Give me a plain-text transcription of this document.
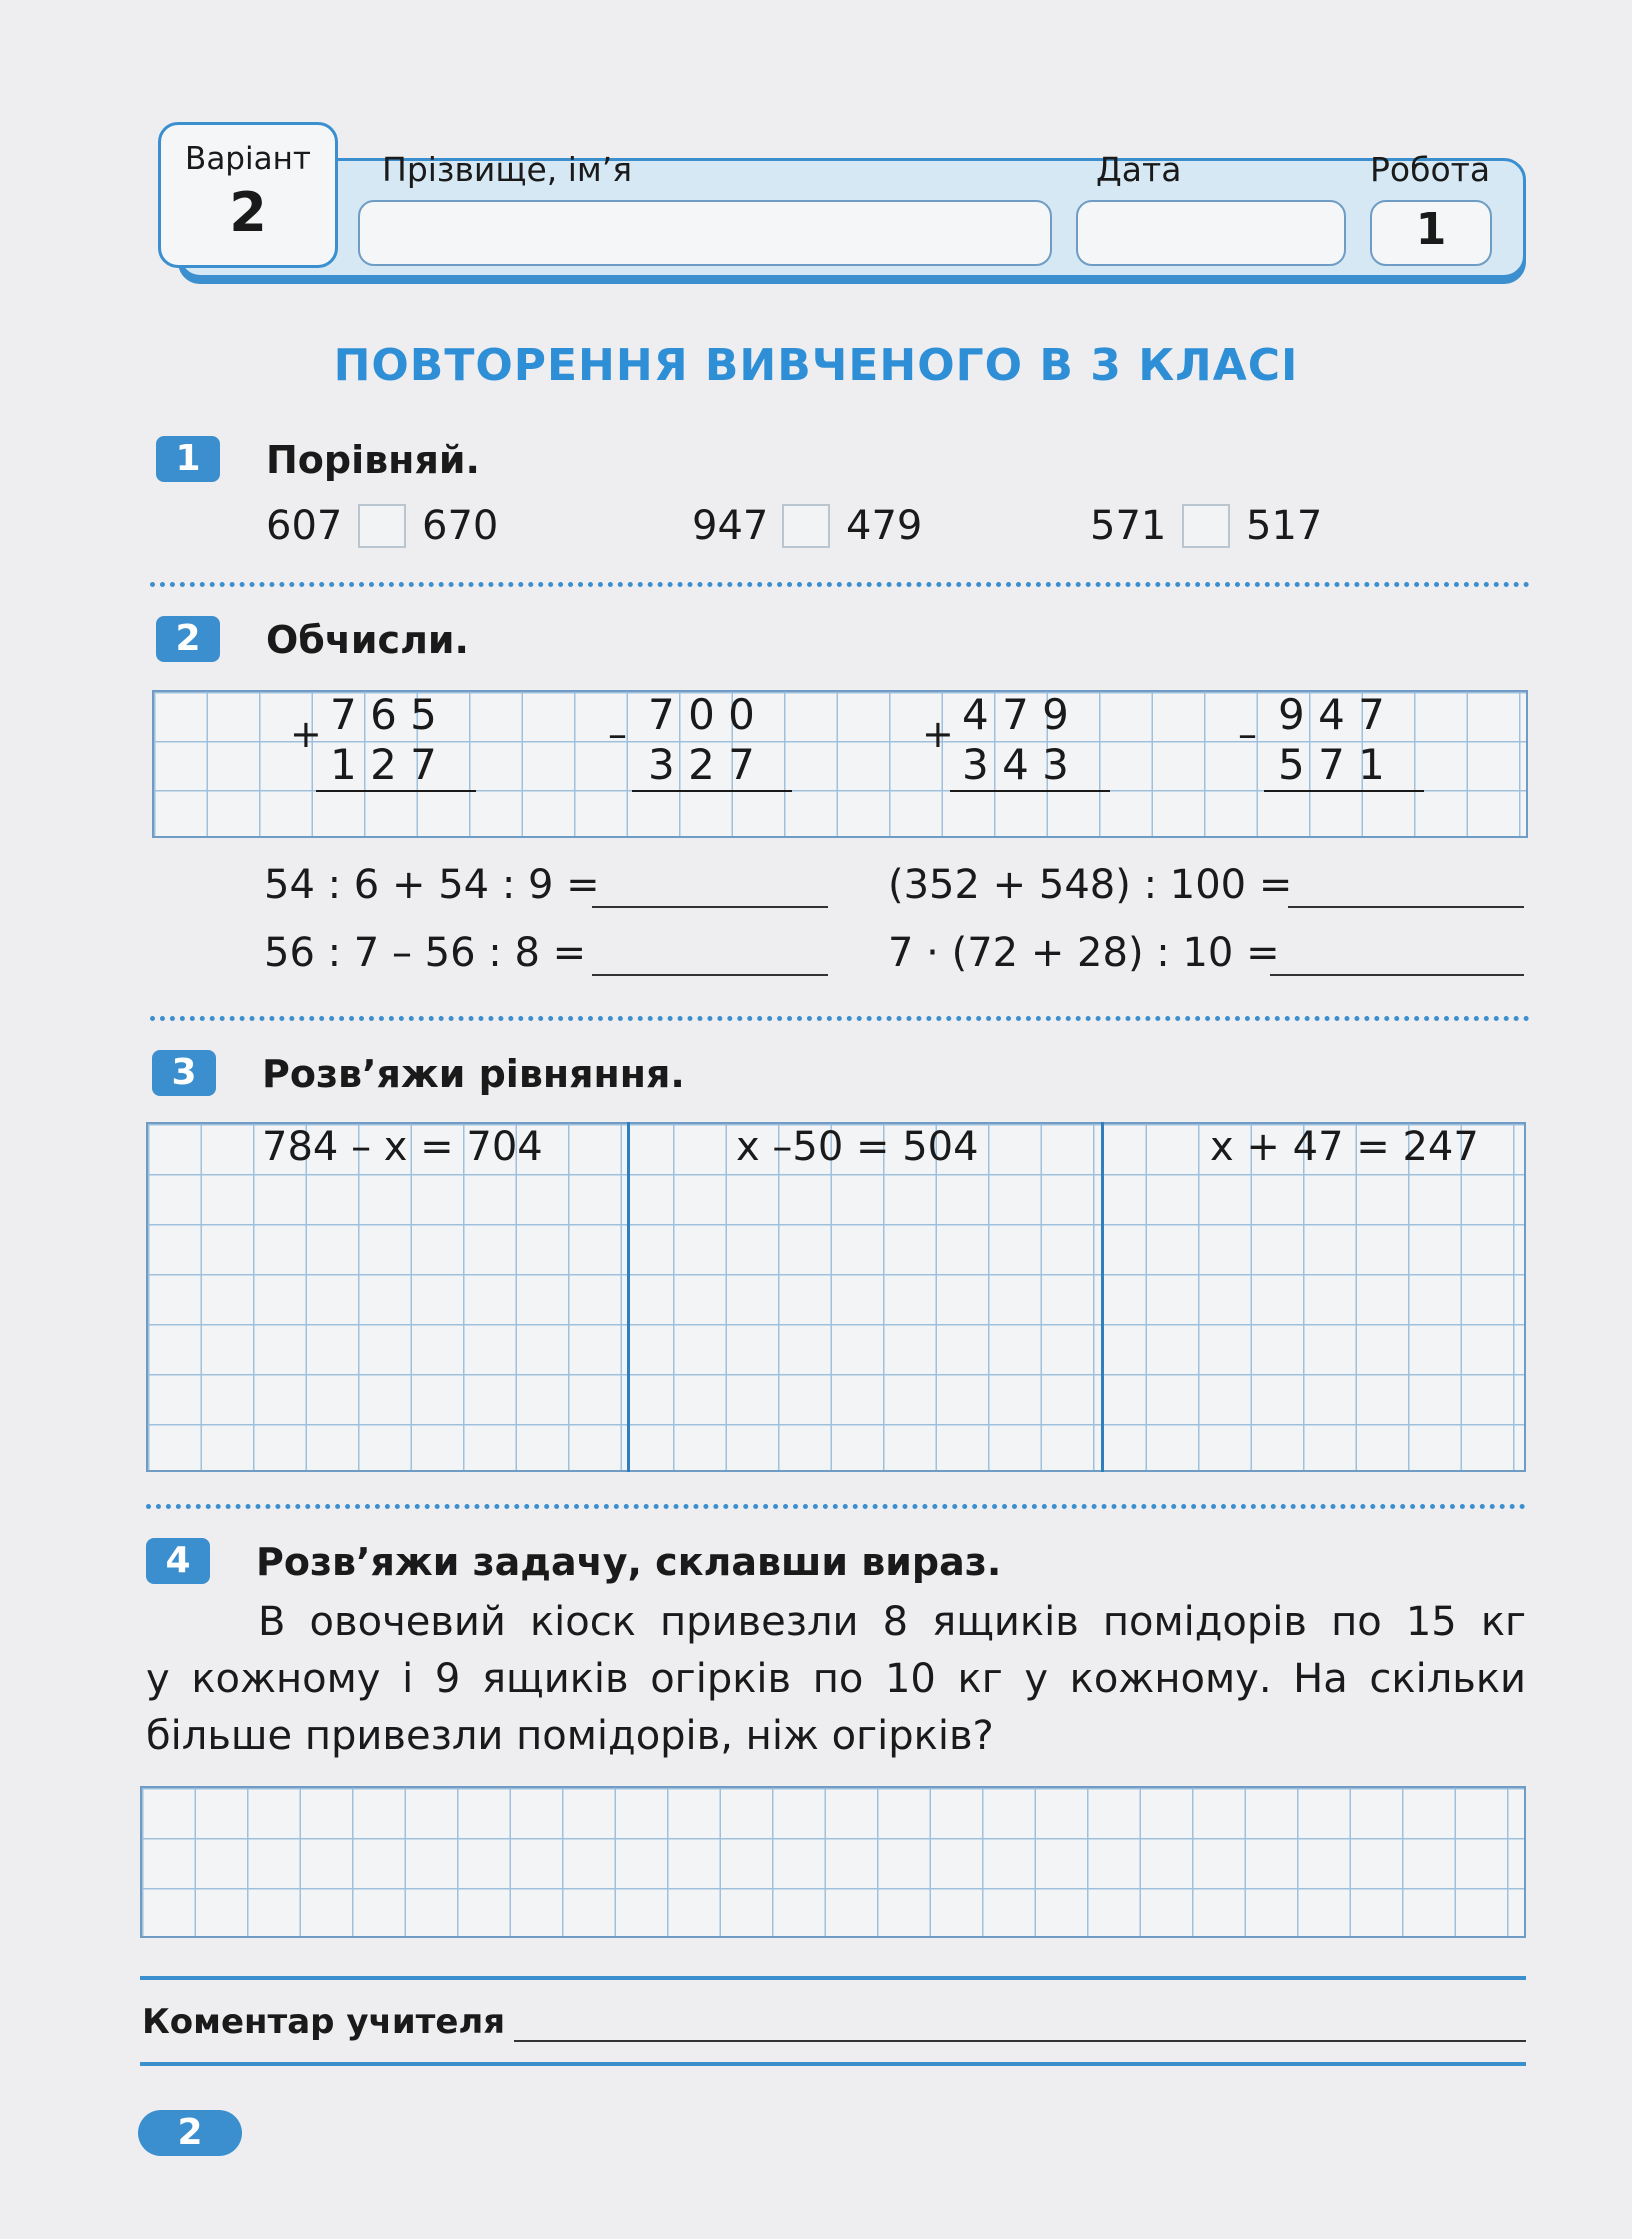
Варіант
2
Прізвище, ім’я	Дата	Робота
1
ПОВТОРЕННЯ ВИВЧЕНОГО В 3 КЛАСІ
1	Порівняй.
607 670	947 479	571 517
2	Обчисли.
+ 7 6 5
1 2 7
– 7 0 0
3 2 7
+ 4 7 9
3 4 3
– 9 4 7
5 7 1
54 : 6 + 54 : 9 =	(352 + 548) : 100 =
56 : 7 – 56 : 8 =	7 · (72 + 28) : 10 =
3	Розв’яжи рівняння.
784 – x = 704	x –50 = 504	x + 47 = 247
4	Розв’яжи задачу, склавши вираз.
В овочевий кіоск привезли 8 ящиків помідорів по 15 кг
у кожному і 9 ящиків огірків по 10 кг у кожному. На скільки
більше привезли помідорів, ніж огірків?
Коментар учителя
2
